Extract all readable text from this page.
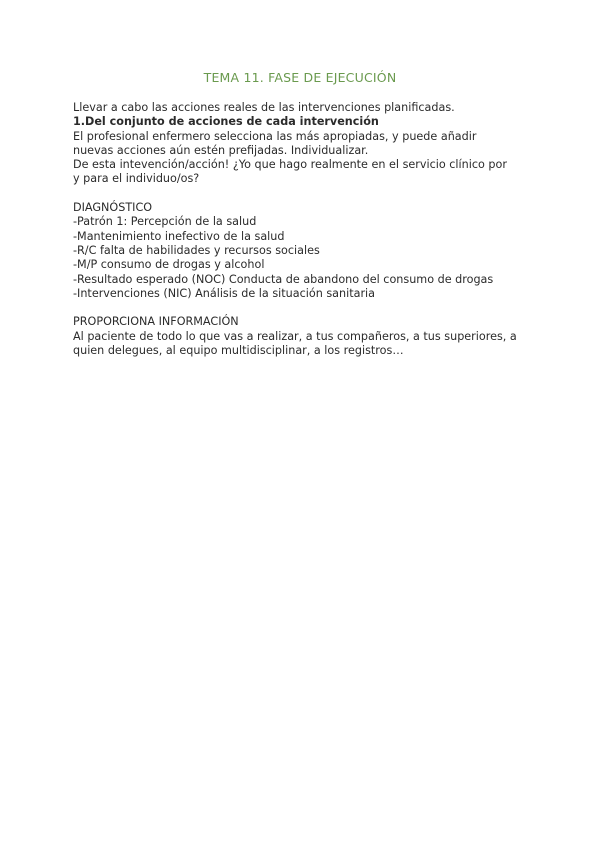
TEMA 11. FASE DE EJECUCIÓN
Llevar a cabo las acciones reales de las intervenciones planificadas.
1.Del conjunto de acciones de cada intervención
El profesional enfermero selecciona las más apropiadas, y puede añadir
nuevas acciones aún estén prefijadas. Individualizar.
De esta intevención/acción! ¿Yo que hago realmente en el servicio clínico por
y para el individuo/os?
DIAGNÓSTICO
-Patrón 1: Percepción de la salud
-Mantenimiento inefectivo de la salud
-R/C falta de habilidades y recursos sociales
-M/P consumo de drogas y alcohol
-Resultado esperado (NOC) Conducta de abandono del consumo de drogas
-Intervenciones (NIC) Análisis de la situación sanitaria
PROPORCIONA INFORMACIÓN
Al paciente de todo lo que vas a realizar, a tus compañeros, a tus superiores, a
quien delegues, al equipo multidisciplinar, a los registros…
